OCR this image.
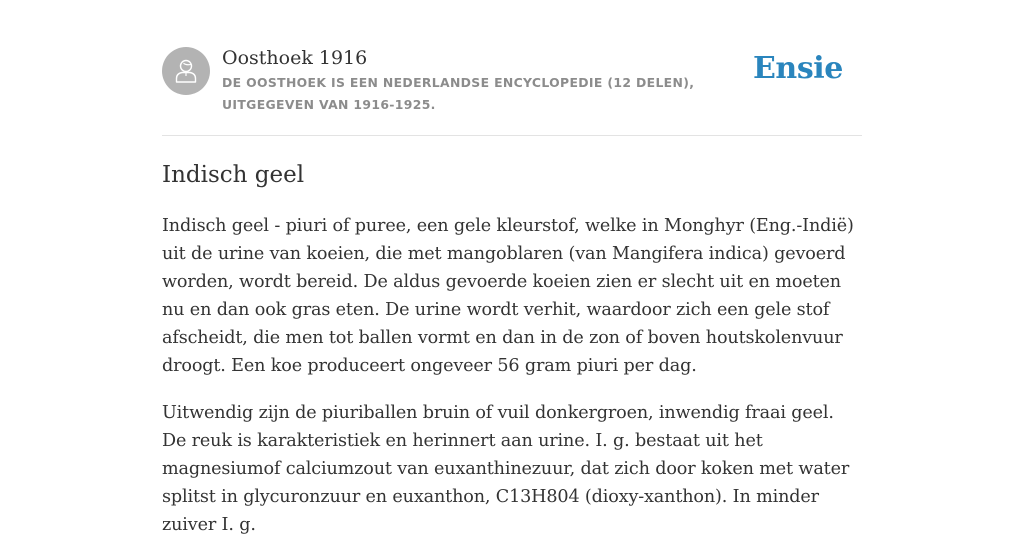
Oosthoek 1916

DE OOSTHOEK IS EEN NEDERLANDSE ENCYCLOPEDIE (12 DELEN), UITGEGEVEN VAN 1916-1925.

Ensie
Indisch geel

Indisch geel - piuri of puree, een gele kleurstof, welke in Monghyr (Eng.-Indië) uit de urine van koeien, die met mangoblaren (van Mangifera indica) gevoerd worden, wordt bereid. De aldus gevoerde koeien zien er slecht uit en moeten nu en dan ook gras eten. De urine wordt verhit, waardoor zich een gele stof afscheidt, die men tot ballen vormt en dan in de zon of boven houtskolenvuur droogt. Een koe produceert ongeveer 56 gram piuri per dag.

Uitwendig zijn de piuriballen bruin of vuil donkergroen, inwendig fraai geel. De reuk is karakteristiek en herinnert aan urine. I. g. bestaat uit het magnesiumof calciumzout van euxanthinezuur, dat zich door koken met water splitst in glycuronzuur en euxanthon, C13H804 (dioxy-xanthon). In minder zuiver I. g.
